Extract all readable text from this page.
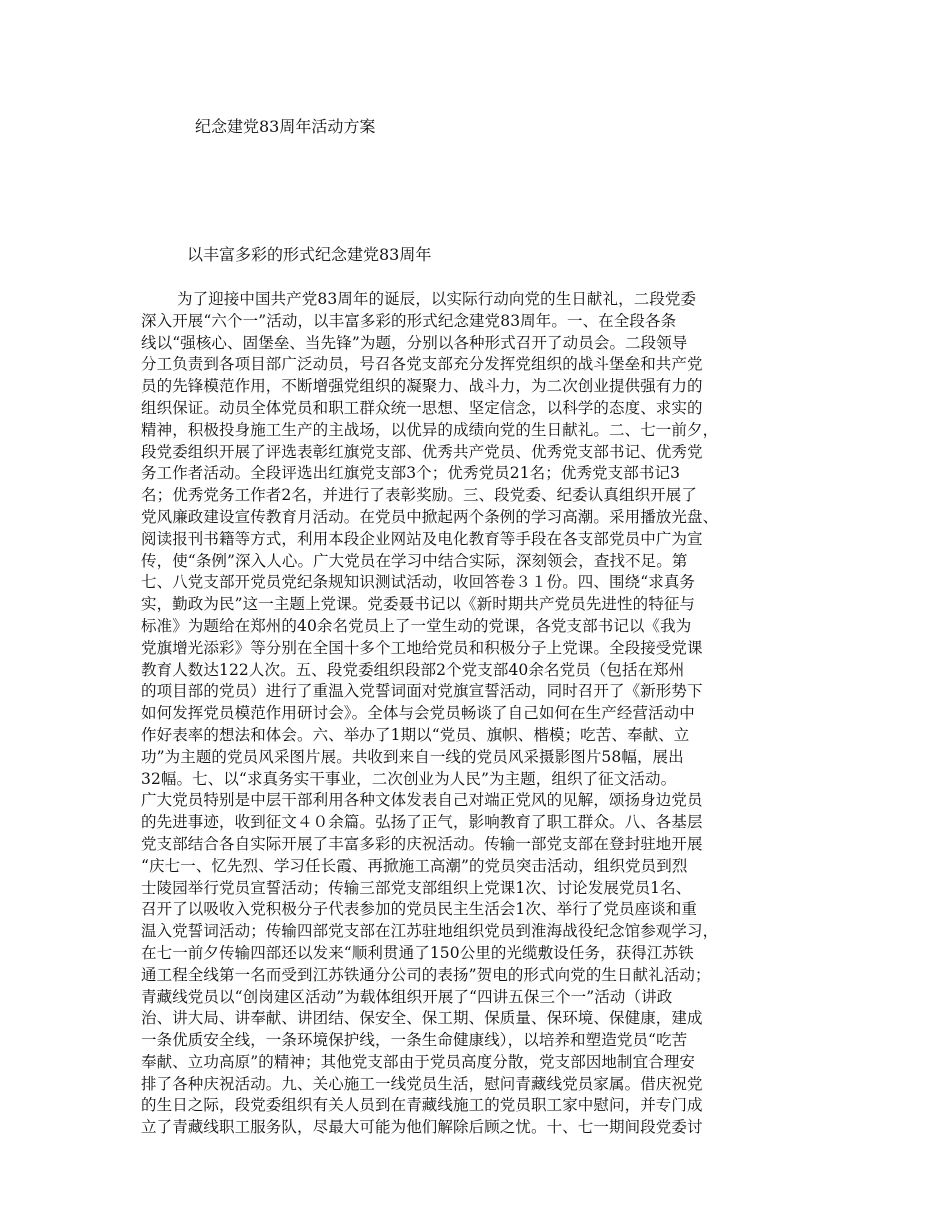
纪念建党83周年活动方案

以丰富多彩的形式纪念建党83周年

为了迎接中国共产党83周年的诞辰，以实际行动向党的生日献礼，二段党委
深入开展“六个一”活动，以丰富多彩的形式纪念建党83周年。一、在全段各条
线以“强核心、固堡垒、当先锋”为题，分别以各种形式召开了动员会。二段领导
分工负责到各项目部广泛动员，号召各党支部充分发挥党组织的战斗堡垒和共产党
员的先锋模范作用，不断增强党组织的凝聚力、战斗力，为二次创业提供强有力的
组织保证。动员全体党员和职工群众统一思想、坚定信念，以科学的态度、求实的
精神，积极投身施工生产的主战场，以优异的成绩向党的生日献礼。二、七一前夕，
段党委组织开展了评选表彰红旗党支部、优秀共产党员、优秀党支部书记、优秀党
务工作者活动。全段评选出红旗党支部3个；优秀党员21名；优秀党支部书记3
名；优秀党务工作者2名，并进行了表彰奖励。三、段党委、纪委认真组织开展了
党风廉政建设宣传教育月活动。在党员中掀起两个条例的学习高潮。采用播放光盘、
阅读报刊书籍等方式，利用本段企业网站及电化教育等手段在各支部党员中广为宣
传，使“条例”深入人心。广大党员在学习中结合实际，深刻领会，查找不足。第
七、八党支部开党员党纪条规知识测试活动，收回答卷３１份。四、围绕“求真务
实，勤政为民”这一主题上党课。党委聂书记以《新时期共产党员先进性的特征与
标准》为题给在郑州的40余名党员上了一堂生动的党课，各党支部书记以《我为
党旗增光添彩》等分别在全国十多个工地给党员和积极分子上党课。全段接受党课
教育人数达122人次。五、段党委组织段部2个党支部40余名党员（包括在郑州
的项目部的党员）进行了重温入党誓词面对党旗宣誓活动，同时召开了《新形势下
如何发挥党员模范作用研讨会》。全体与会党员畅谈了自己如何在生产经营活动中
作好表率的想法和体会。六、举办了1期以“党员、旗帜、楷模；吃苦、奉献、立
功”为主题的党员风采图片展。共收到来自一线的党员风采摄影图片58幅，展出
32幅。七、以“求真务实干事业，二次创业为人民”为主题，组织了征文活动。
广大党员特别是中层干部利用各种文体发表自己对端正党风的见解，颂扬身边党员
的先进事迹，收到征文４０余篇。弘扬了正气，影响教育了职工群众。八、各基层
党支部结合各自实际开展了丰富多彩的庆祝活动。传输一部党支部在登封驻地开展
“庆七一、忆先烈、学习任长霞、再掀施工高潮”的党员突击活动，组织党员到烈
士陵园举行党员宣誓活动；传输三部党支部组织上党课1次、讨论发展党员1名、
召开了以吸收入党积极分子代表参加的党员民主生活会1次、举行了党员座谈和重
温入党誓词活动；传输四部党支部在江苏驻地组织党员到淮海战役纪念馆参观学习，
在七一前夕传输四部还以发来“顺利贯通了150公里的光缆敷设任务，获得江苏铁
通工程全线第一名而受到江苏铁通分公司的表扬”贺电的形式向党的生日献礼活动；
青藏线党员以“创岗建区活动”为载体组织开展了“四讲五保三个一”活动（讲政
治、讲大局、讲奉献、讲团结、保安全、保工期、保质量、保环境、保健康，建成
一条优质安全线，一条环境保护线，一条生命健康线），以培养和塑造党员“吃苦
奉献、立功高原”的精神；其他党支部由于党员高度分散，党支部因地制宜合理安
排了各种庆祝活动。九、关心施工一线党员生活，慰问青藏线党员家属。借庆祝党
的生日之际，段党委组织有关人员到在青藏线施工的党员职工家中慰问，并专门成
立了青藏线职工服务队，尽最大可能为他们解除后顾之忧。十、七一期间段党委讨
